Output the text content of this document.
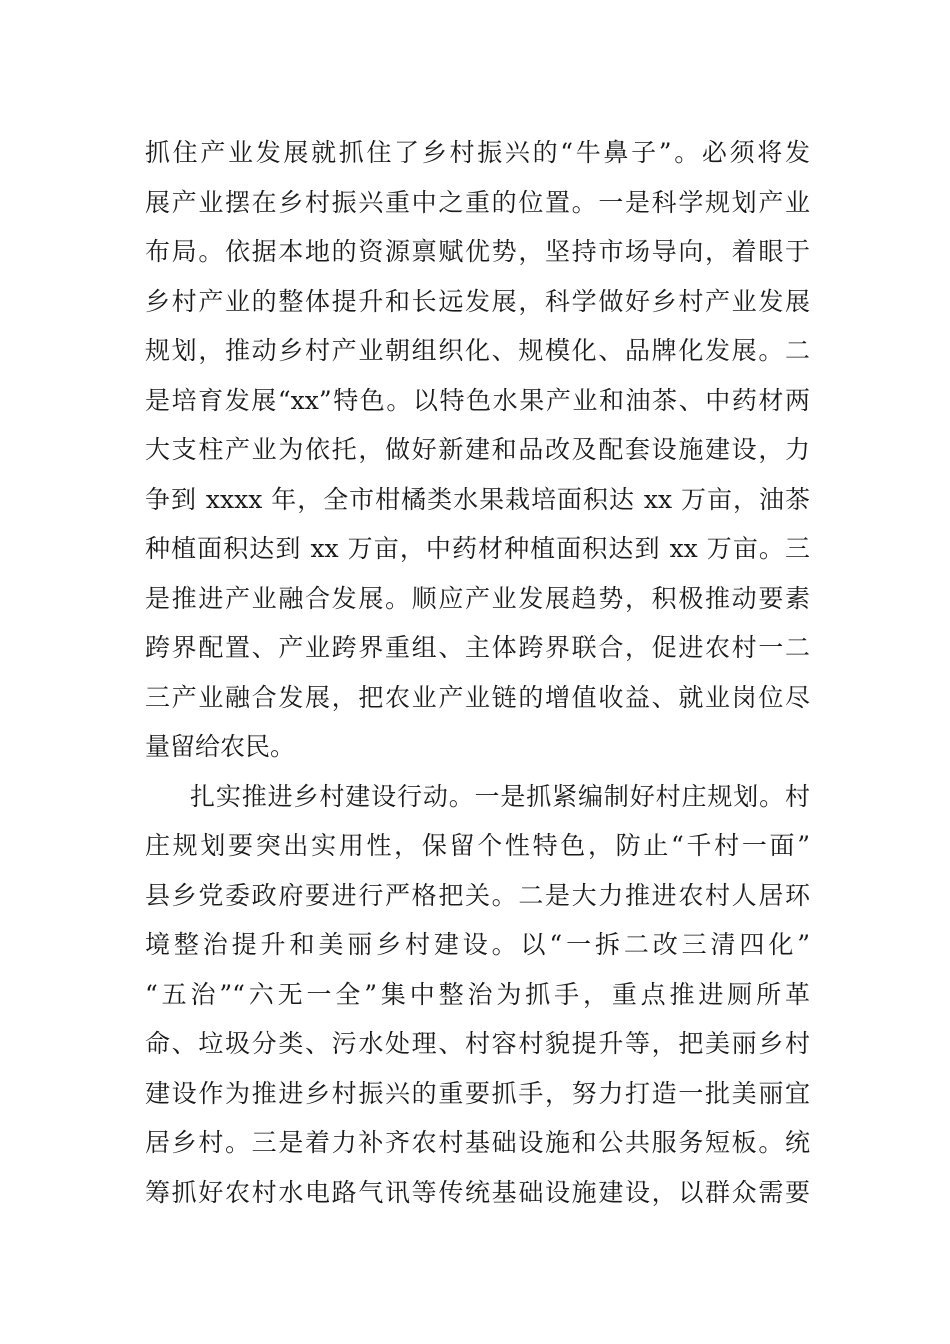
抓住产业发展就抓住了乡村振兴的“牛鼻子”。必须将发
展产业摆在乡村振兴重中之重的位置。一是科学规划产业
布局。依据本地的资源禀赋优势，坚持市场导向，着眼于
乡村产业的整体提升和长远发展，科学做好乡村产业发展
规划，推动乡村产业朝组织化、规模化、品牌化发展。二
是培育发展“xx”特色。以特色水果产业和油茶、中药材两
大支柱产业为依托，做好新建和品改及配套设施建设，力
争到 xxxx 年，全市柑橘类水果栽培面积达 xx 万亩，油茶
种植面积达到 xx 万亩，中药材种植面积达到 xx 万亩。三
是推进产业融合发展。顺应产业发展趋势，积极推动要素
跨界配置、产业跨界重组、主体跨界联合，促进农村一二
三产业融合发展，把农业产业链的增值收益、就业岗位尽
量留给农民。
扎实推进乡村建设行动。一是抓紧编制好村庄规划。村
庄规划要突出实用性，保留个性特色，防止“千村一面”
县乡党委政府要进行严格把关。二是大力推进农村人居环
境整治提升和美丽乡村建设。以“一拆二改三清四化”
“五治”“六无一全”集中整治为抓手，重点推进厕所革
命、垃圾分类、污水处理、村容村貌提升等，把美丽乡村
建设作为推进乡村振兴的重要抓手，努力打造一批美丽宜
居乡村。三是着力补齐农村基础设施和公共服务短板。统
筹抓好农村水电路气讯等传统基础设施建设，以群众需要
